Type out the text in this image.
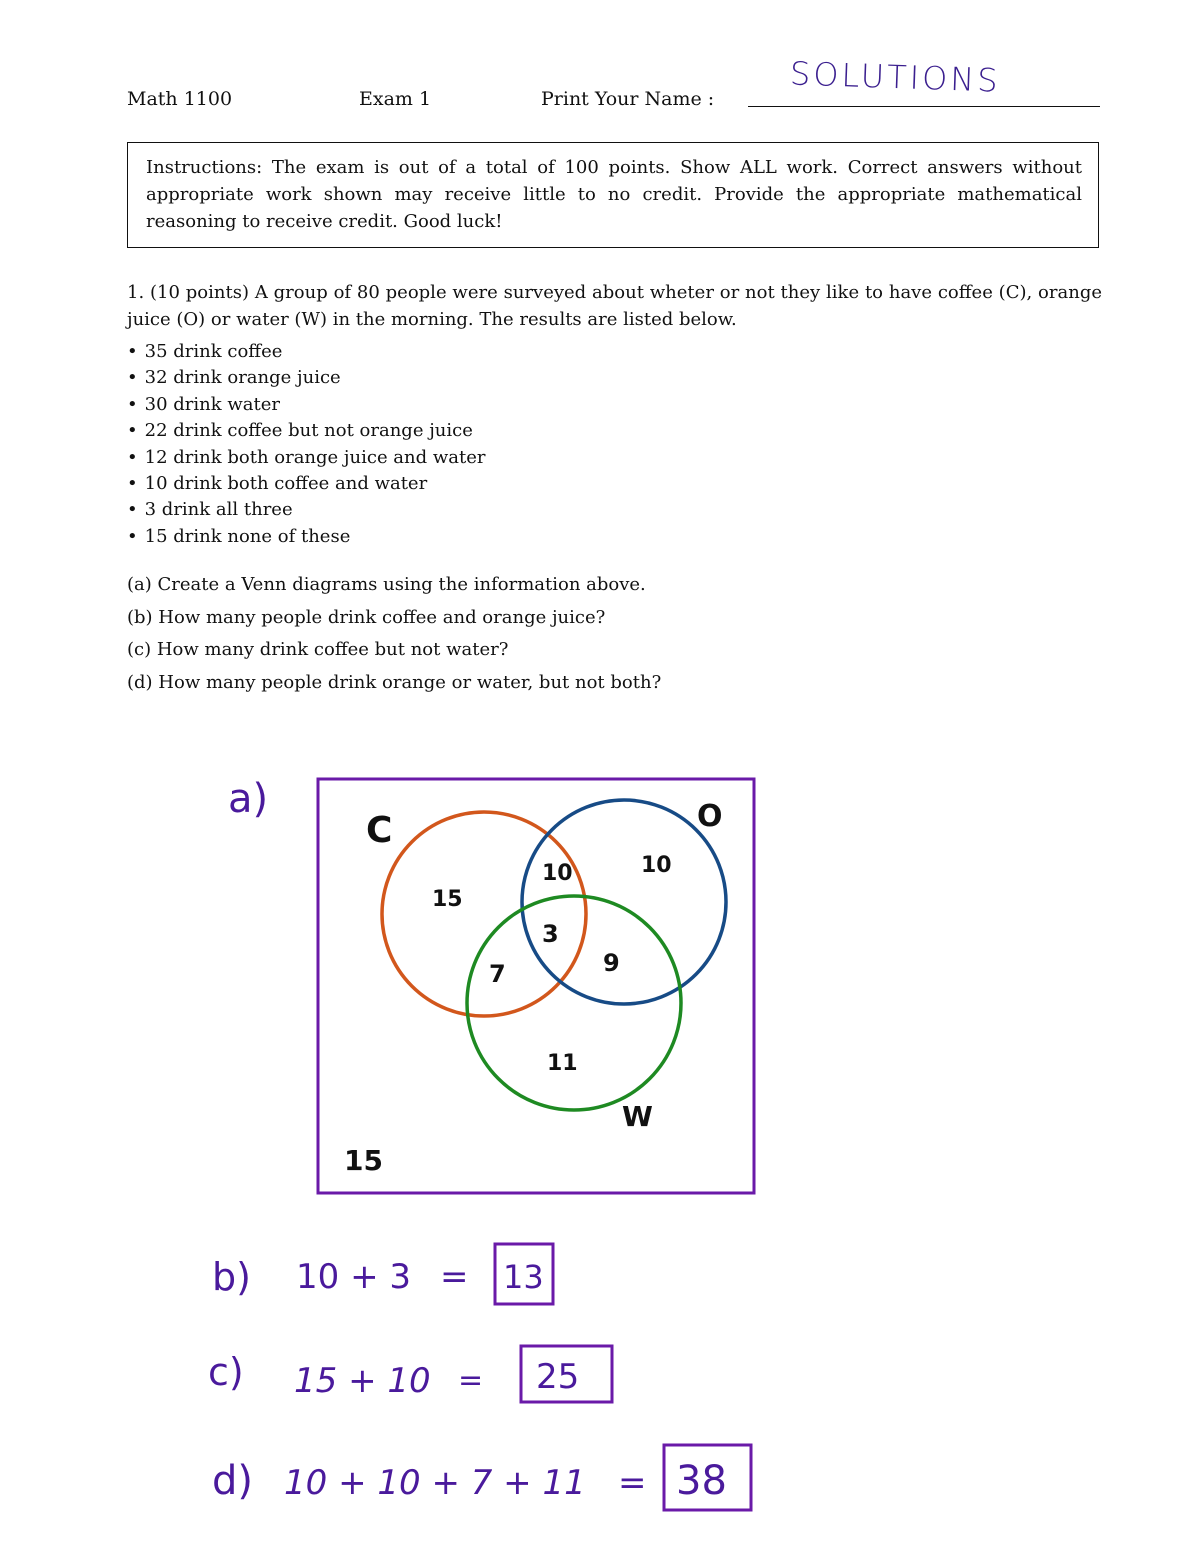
Math 1100	Exam 1	Print Your Name : SOLUTIONS
Instructions: The exam is out of a total of 100 points. Show ALL work. Correct answers without appropriate work shown may receive little to no credit. Provide the appropriate mathematical reasoning to receive credit. Good luck!
1. (10 points) A group of 80 people were surveyed about wheter or not they like to have coffee (C), orange juice (O) or water (W) in the morning. The results are listed below.
• 35 drink coffee
• 32 drink orange juice
• 30 drink water
• 22 drink coffee but not orange juice
• 12 drink both orange juice and water
• 10 drink both coffee and water
• 3 drink all three
• 15 drink none of these
(a) Create a Venn diagrams using the information above.
(b) How many people drink coffee and orange juice?
(c) How many drink coffee but not water?
(d) How many people drink orange or water, but not both?
a)
C	O
W
15
10	10
3
7	9
11
15
b) 10 + 3 = 13
c) 15 + 10 = 25
d) 10 + 10 + 7 + 11 = 38
